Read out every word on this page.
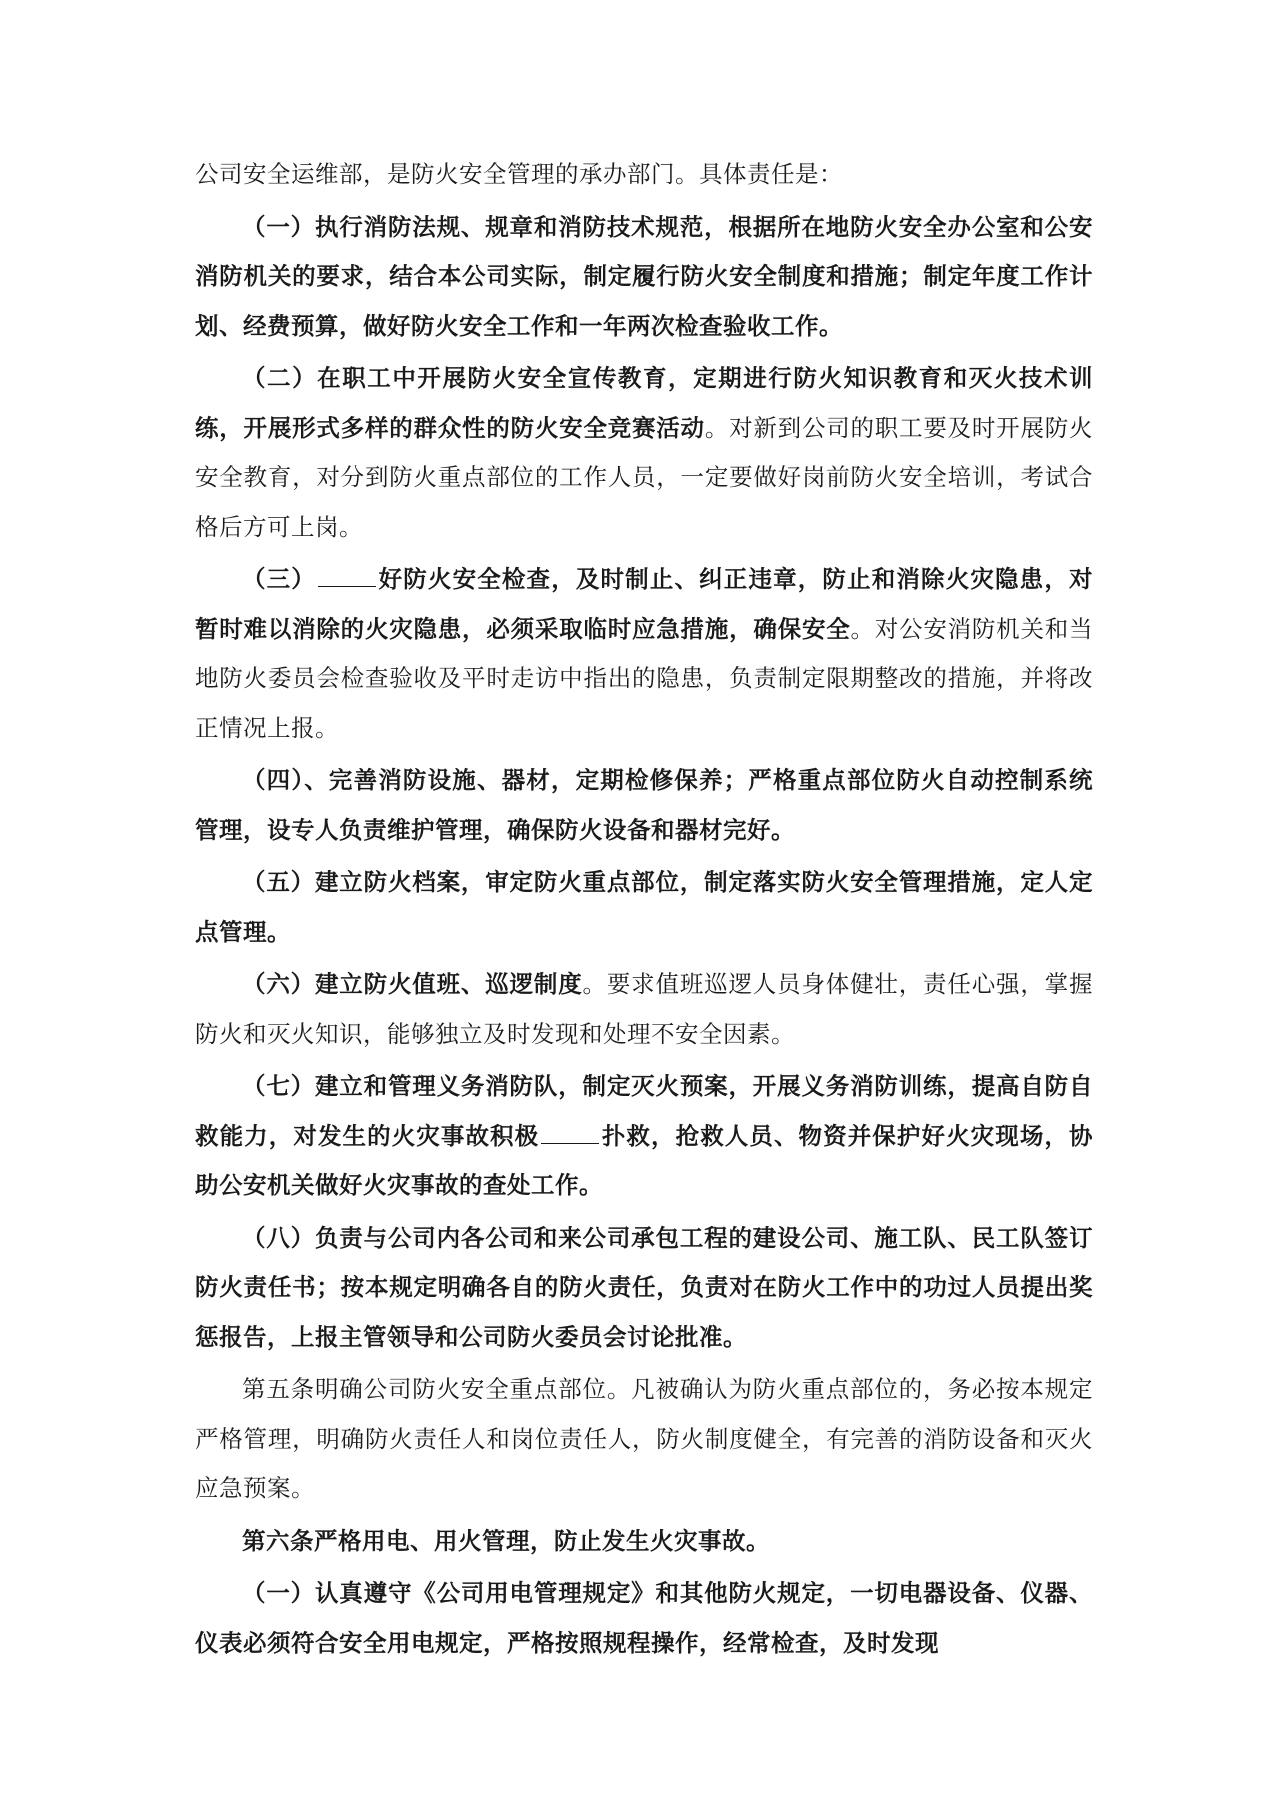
公司安全运维部，是防火安全管理的承办部门。具体责任是：

（一）执行消防法规、规章和消防技术规范，根据所在地防火安全办公室和公安消防机关的要求，结合本公司实际，制定履行防火安全制度和措施；制定年度工作计划、经费预算，做好防火安全工作和一年两次检查验收工作。

（二）在职工中开展防火安全宣传教育，定期进行防火知识教育和灭火技术训练，开展形式多样的群众性的防火安全竞赛活动。对新到公司的职工要及时开展防火安全教育，对分到防火重点部位的工作人员，一定要做好岗前防火安全培训，考试合格后方可上岗。

（三）	好防火安全检查，及时制止、纠正违章，防止和消除火灾隐患，对暂时难以消除的火灾隐患，必须采取临时应急措施，确保安全。对公安消防机关和当地防火委员会检查验收及平时走访中指出的隐患，负责制定限期整改的措施，并将改正情况上报。

（四）、完善消防设施、器材，定期检修保养；严格重点部位防火自动控制系统管理，设专人负责维护管理，确保防火设备和器材完好。

（五）建立防火档案，审定防火重点部位，制定落实防火安全管理措施，定人定点管理。

（六）建立防火值班、巡逻制度。要求值班巡逻人员身体健壮，责任心强，掌握防火和灭火知识，能够独立及时发现和处理不安全因素。

（七）建立和管理义务消防队，制定灭火预案，开展义务消防训练，提高自防自救能力，对发生的火灾事故积极	扑救，抢救人员、物资并保护好火灾现场，协助公安机关做好火灾事故的查处工作。

（八）负责与公司内各公司和来公司承包工程的建设公司、施工队、民工队签订防火责任书；按本规定明确各自的防火责任，负责对在防火工作中的功过人员提出奖惩报告，上报主管领导和公司防火委员会讨论批准。

第五条明确公司防火安全重点部位。凡被确认为防火重点部位的，务必按本规定严格管理，明确防火责任人和岗位责任人，防火制度健全，有完善的消防设备和灭火应急预案。

第六条严格用电、用火管理，防止发生火灾事故。

（一）认真遵守《公司用电管理规定》和其他防火规定，一切电器设备、仪器、仪表必须符合安全用电规定，严格按照规程操作，经常检查，及时发现
